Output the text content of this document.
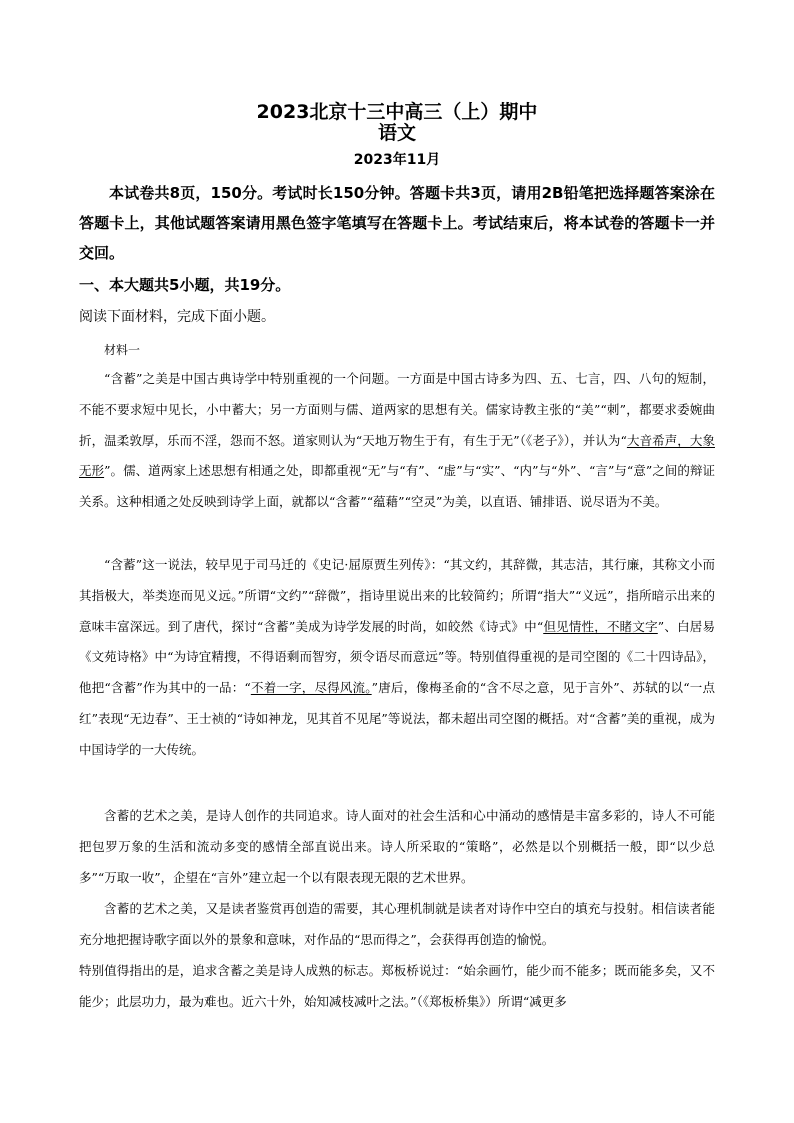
2023北京十三中高三（上）期中
语文
2023年11月

本试卷共8页，150分。考试时长150分钟。答题卡共3页，请用2B铅笔把选择题答案涂在答题卡上，其他试题答案请用黑色签字笔填写在答题卡上。考试结束后，将本试卷的答题卡一并交回。

一、本大题共5小题，共19分。
阅读下面材料，完成下面小题。
材料一

“含蓄”之美是中国古典诗学中特别重视的一个问题。一方面是中国古诗多为四、五、七言，四、八句的短制，不能不要求短中见长，小中蓄大；另一方面则与儒、道两家的思想有关。儒家诗教主张的“美”“刺”，都要求委婉曲折，温柔敦厚，乐而不淫，怨而不怒。道家则认为“天地万物生于有，有生于无”（《老子》），并认为“大音希声，大象无形”。儒、道两家上述思想有相通之处，即都重视“无”与“有”、“虚”与“实”、“内”与“外”、“言”与“意”之间的辩证关系。这种相通之处反映到诗学上面，就都以“含蓄”“蕴藉”“空灵”为美，以直语、铺排语、说尽语为不美。

“含蓄”这一说法，较早见于司马迁的《史记·屈原贾生列传》：“其文约，其辞微，其志洁，其行廉，其称文小而其指极大，举类迩而见义远。”所谓“文约”“辞微”，指诗里说出来的比较简约；所谓“指大”“义远”，指所暗示出来的意味丰富深远。到了唐代，探讨“含蓄”美成为诗学发展的时尚，如皎然《诗式》中“但见情性，不睹文字”、白居易《文苑诗格》中“为诗宜精搜，不得语剩而智穷，须令语尽而意远”等。特别值得重视的是司空图的《二十四诗品》，他把“含蓄”作为其中的一品：“不着一字，尽得风流。”唐后，像梅圣俞的“含不尽之意，见于言外”、苏轼的以“一点红”表现“无边春”、王士祯的“诗如神龙，见其首不见尾”等说法，都未超出司空图的概括。对“含蓄”美的重视，成为中国诗学的一大传统。

含蓄的艺术之美，是诗人创作的共同追求。诗人面对的社会生活和心中涌动的感情是丰富多彩的，诗人不可能把包罗万象的生活和流动多变的感情全部直说出来。诗人所采取的“策略”，必然是以个别概括一般，即“以少总多”“万取一收”，企望在“言外”建立起一个以有限表现无限的艺术世界。

含蓄的艺术之美，又是读者鉴赏再创造的需要，其心理机制就是读者对诗作中空白的填充与投射。相信读者能充分地把握诗歌字面以外的景象和意味，对作品的“思而得之”，会获得再创造的愉悦。

特别值得指出的是，追求含蓄之美是诗人成熟的标志。郑板桥说过：“始余画竹，能少而不能多；既而能多矣，又不能少；此层功力，最为难也。近六十外，始知减枝减叶之法。”（《郑板桥集》）所谓“减更多
